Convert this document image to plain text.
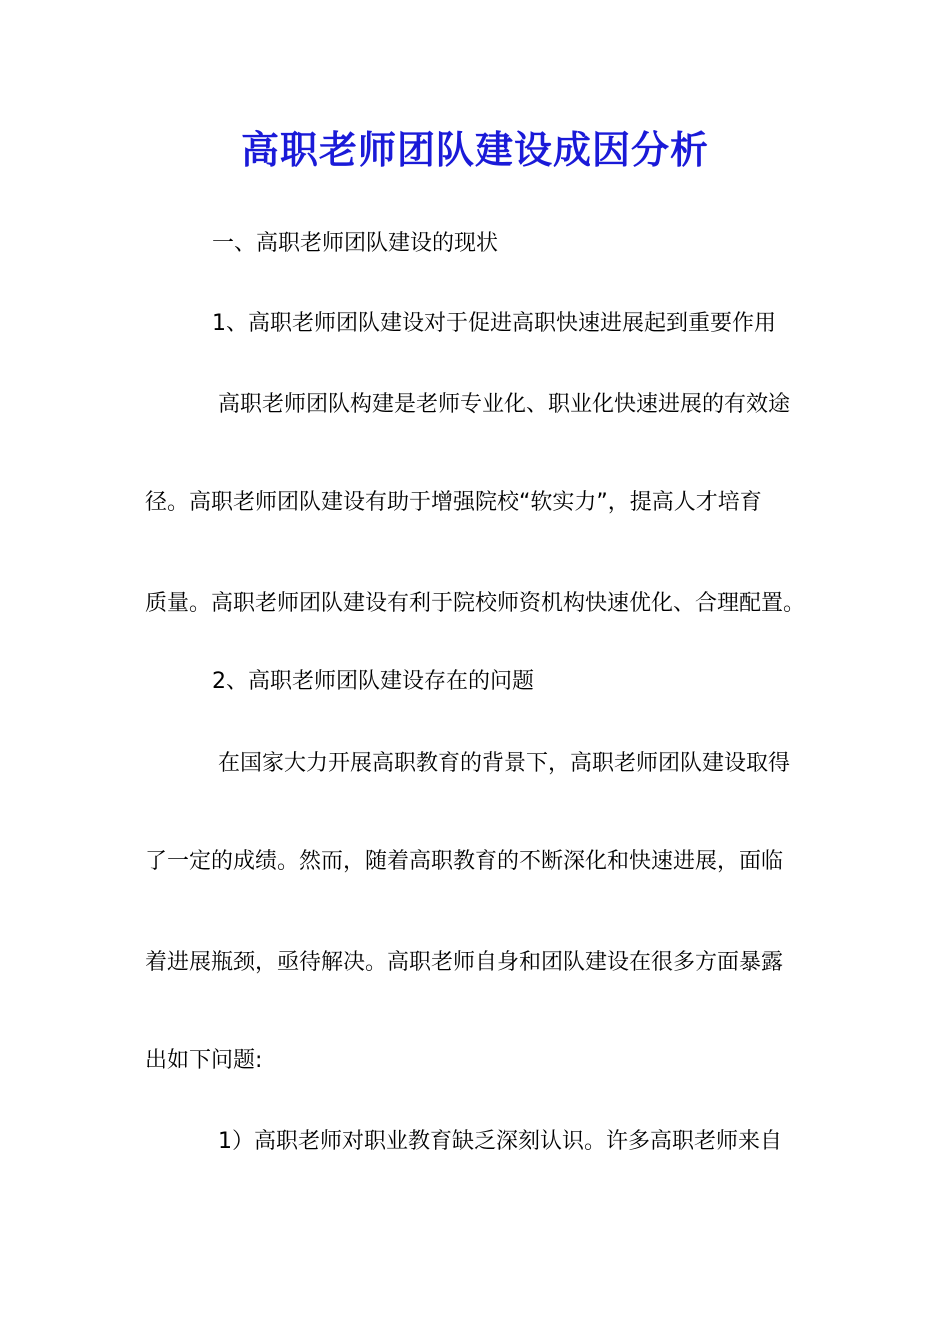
高职老师团队建设成因分析
一、高职老师团队建设的现状
1、高职老师团队建设对于促进高职快速进展起到重要作用
高职老师团队构建是老师专业化、职业化快速进展的有效途
径。高职老师团队建设有助于增强院校“软实力”，提高人才培育
质量。高职老师团队建设有利于院校师资机构快速优化、合理配置。
2、高职老师团队建设存在的问题
在国家大力开展高职教育的背景下，高职老师团队建设取得
了一定的成绩。然而，随着高职教育的不断深化和快速进展，面临
着进展瓶颈，亟待解决。高职老师自身和团队建设在很多方面暴露
出如下问题:
1）高职老师对职业教育缺乏深刻认识。许多高职老师来自
